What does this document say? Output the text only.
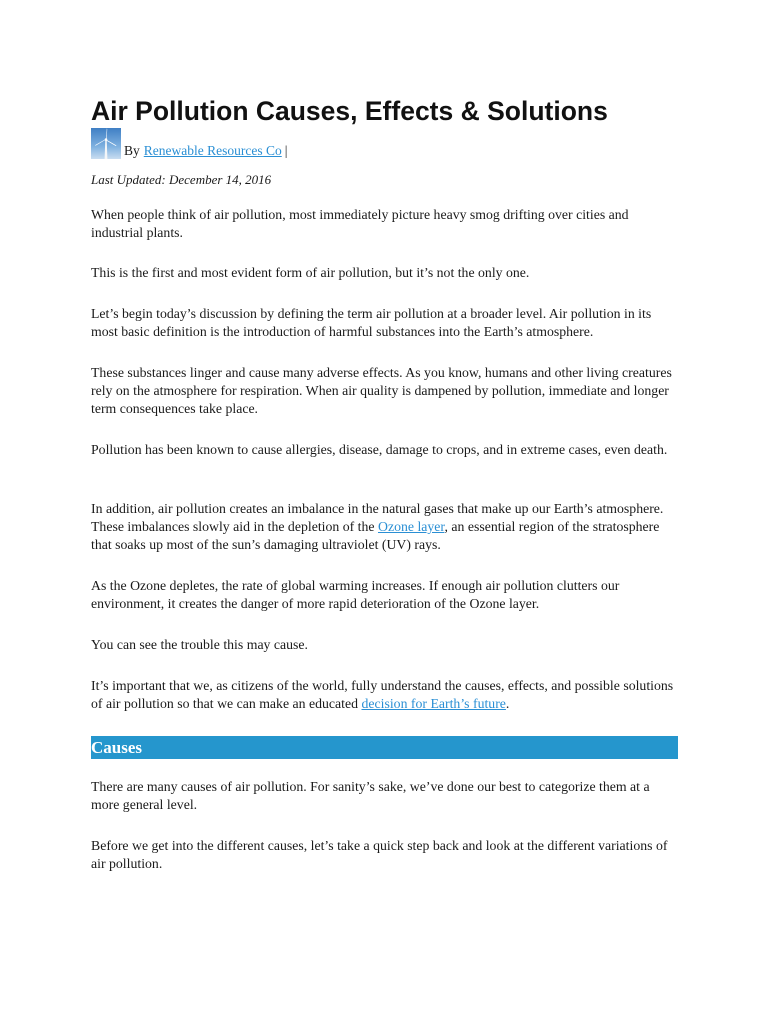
Air Pollution Causes, Effects & Solutions
By Renewable Resources Co |
Last Updated: December 14, 2016

When people think of air pollution, most immediately picture heavy smog drifting over cities and industrial plants.

This is the first and most evident form of air pollution, but it’s not the only one.

Let’s begin today’s discussion by defining the term air pollution at a broader level. Air pollution in its most basic definition is the introduction of harmful substances into the Earth’s atmosphere.

These substances linger and cause many adverse effects. As you know, humans and other living creatures rely on the atmosphere for respiration. When air quality is dampened by pollution, immediate and longer term consequences take place.

Pollution has been known to cause allergies, disease, damage to crops, and in extreme cases, even death.

In addition, air pollution creates an imbalance in the natural gases that make up our Earth’s atmosphere. These imbalances slowly aid in the depletion of the Ozone layer, an essential region of the stratosphere that soaks up most of the sun’s damaging ultraviolet (UV) rays.

As the Ozone depletes, the rate of global warming increases. If enough air pollution clutters our environment, it creates the danger of more rapid deterioration of the Ozone layer.

You can see the trouble this may cause.

It’s important that we, as citizens of the world, fully understand the causes, effects, and possible solutions of air pollution so that we can make an educated decision for Earth’s future.

Causes

There are many causes of air pollution. For sanity’s sake, we’ve done our best to categorize them at a more general level.

Before we get into the different causes, let’s take a quick step back and look at the different variations of air pollution.
